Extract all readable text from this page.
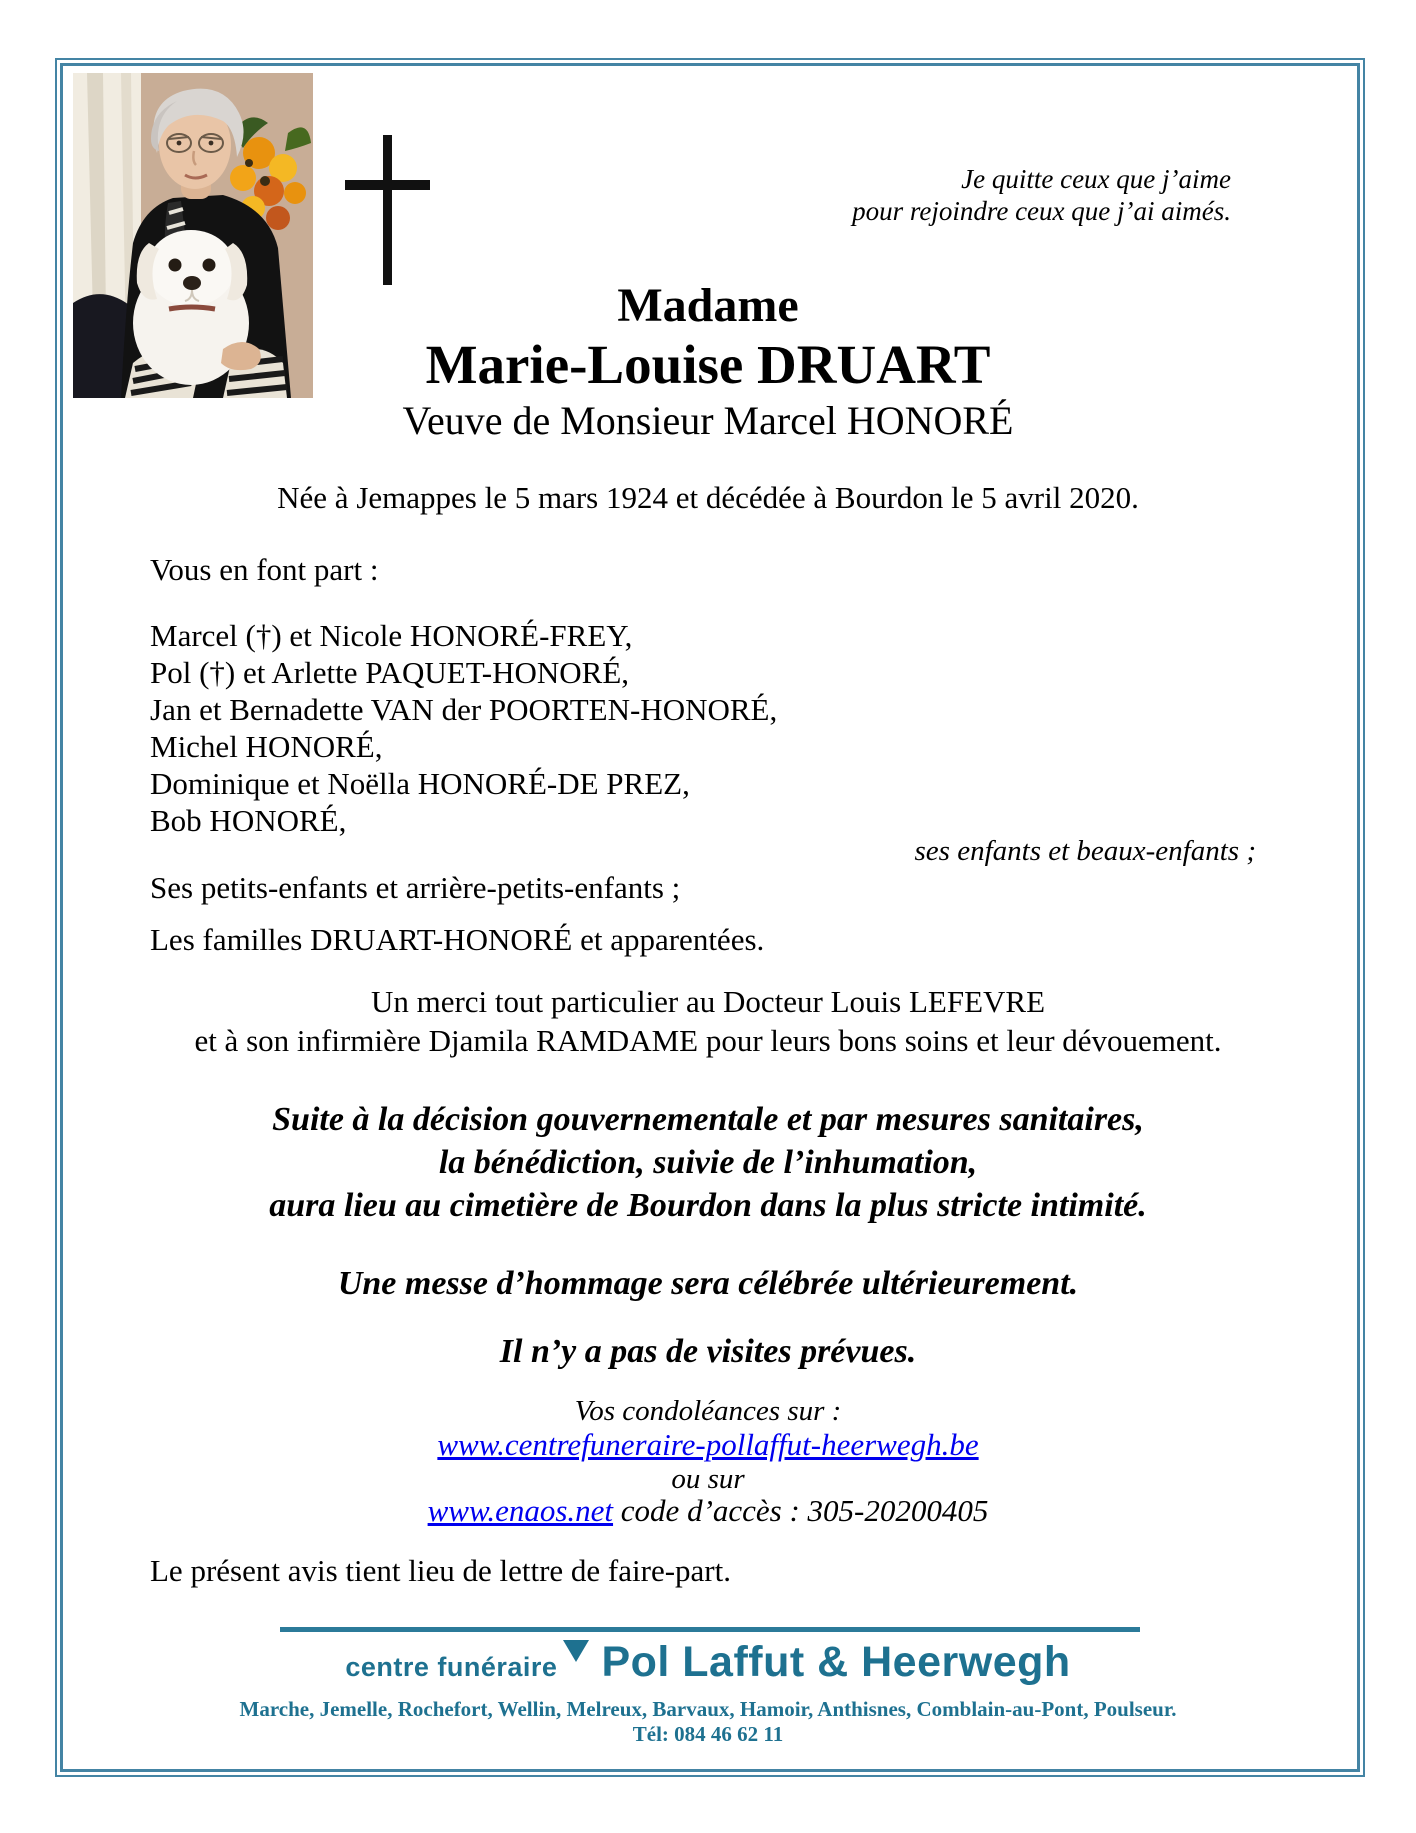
Je quitte ceux que j’aime
pour rejoindre ceux que j’ai aimés.
Madame
Marie-Louise DRUART
Veuve de Monsieur Marcel HONORÉ
Née à Jemappes le 5 mars 1924 et décédée à Bourdon le 5 avril 2020.
Vous en font part :
Marcel (†) et Nicole HONORÉ-FREY,
Pol (†) et Arlette PAQUET-HONORÉ,
Jan et Bernadette VAN der POORTEN-HONORÉ,
Michel HONORÉ,
Dominique et Noëlla HONORÉ-DE PREZ,
Bob HONORÉ,
ses enfants et beaux-enfants ;
Ses petits-enfants et arrière-petits-enfants ;
Les familles DRUART-HONORÉ et apparentées.
Un merci tout particulier au Docteur Louis LEFEVRE
et à son infirmière Djamila RAMDAME pour leurs bons soins et leur dévouement.
Suite à la décision gouvernementale et par mesures sanitaires,
la bénédiction, suivie de l’inhumation,
aura lieu au cimetière de Bourdon dans la plus stricte intimité.
Une messe d’hommage sera célébrée ultérieurement.
Il n’y a pas de visites prévues.
Vos condoléances sur :
www.centrefuneraire-pollaffut-heerwegh.be
ou sur
www.enaos.net code d’accès : 305-20200405
Le présent avis tient lieu de lettre de faire-part.
centre funéraire Pol Laffut & Heerwegh
Marche, Jemelle, Rochefort, Wellin, Melreux, Barvaux, Hamoir, Anthisnes, Comblain-au-Pont, Poulseur.
Tél: 084 46 62 11
